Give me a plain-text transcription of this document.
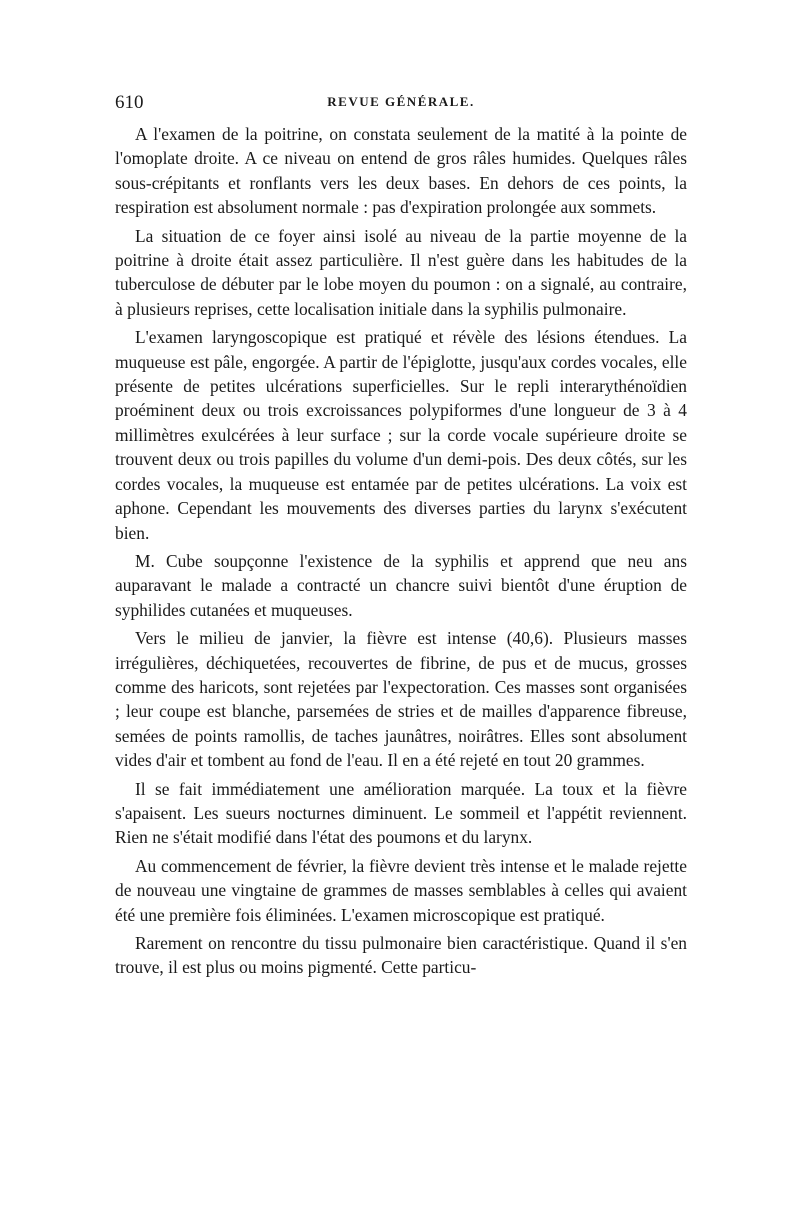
610	REVUE GÉNÉRALE.

A l'examen de la poitrine, on constata seulement de la matité à la pointe de l'omoplate droite. A ce niveau on entend de gros râles humides. Quelques râles sous-crépitants et ronflants vers les deux bases. En dehors de ces points, la respiration est absolument normale : pas d'expiration prolongée aux sommets.

La situation de ce foyer ainsi isolé au niveau de la partie moyenne de la poitrine à droite était assez particulière. Il n'est guère dans les habitudes de la tuberculose de débuter par le lobe moyen du poumon : on a signalé, au contraire, à plusieurs reprises, cette localisation initiale dans la syphilis pulmonaire.

L'examen laryngoscopique est pratiqué et révèle des lésions étendues. La muqueuse est pâle, engorgée. A partir de l'épiglotte, jusqu'aux cordes vocales, elle présente de petites ulcérations superficielles. Sur le repli interarythénoïdien proéminent deux ou trois excroissances polypiformes d'une longueur de 3 à 4 millimètres exulcérées à leur surface ; sur la corde vocale supérieure droite se trouvent deux ou trois papilles du volume d'un demi-pois. Des deux côtés, sur les cordes vocales, la muqueuse est entamée par de petites ulcérations. La voix est aphone. Cependant les mouvements des diverses parties du larynx s'exécutent bien.

M. Cube soupçonne l'existence de la syphilis et apprend que neu ans auparavant le malade a contracté un chancre suivi bientôt d'une éruption de syphilides cutanées et muqueuses.

Vers le milieu de janvier, la fièvre est intense (40,6). Plusieurs masses irrégulières, déchiquetées, recouvertes de fibrine, de pus et de mucus, grosses comme des haricots, sont rejetées par l'expectoration. Ces masses sont organisées ; leur coupe est blanche, parsemées de stries et de mailles d'apparence fibreuse, semées de points ramollis, de taches jaunâtres, noirâtres. Elles sont absolument vides d'air et tombent au fond de l'eau. Il en a été rejeté en tout 20 grammes.

Il se fait immédiatement une amélioration marquée. La toux et la fièvre s'apaisent. Les sueurs nocturnes diminuent. Le sommeil et l'appétit reviennent. Rien ne s'était modifié dans l'état des poumons et du larynx.

Au commencement de février, la fièvre devient très intense et le malade rejette de nouveau une vingtaine de grammes de masses semblables à celles qui avaient été une première fois éliminées. L'examen microscopique est pratiqué.

Rarement on rencontre du tissu pulmonaire bien caractéristique. Quand il s'en trouve, il est plus ou moins pigmenté. Cette particu-
